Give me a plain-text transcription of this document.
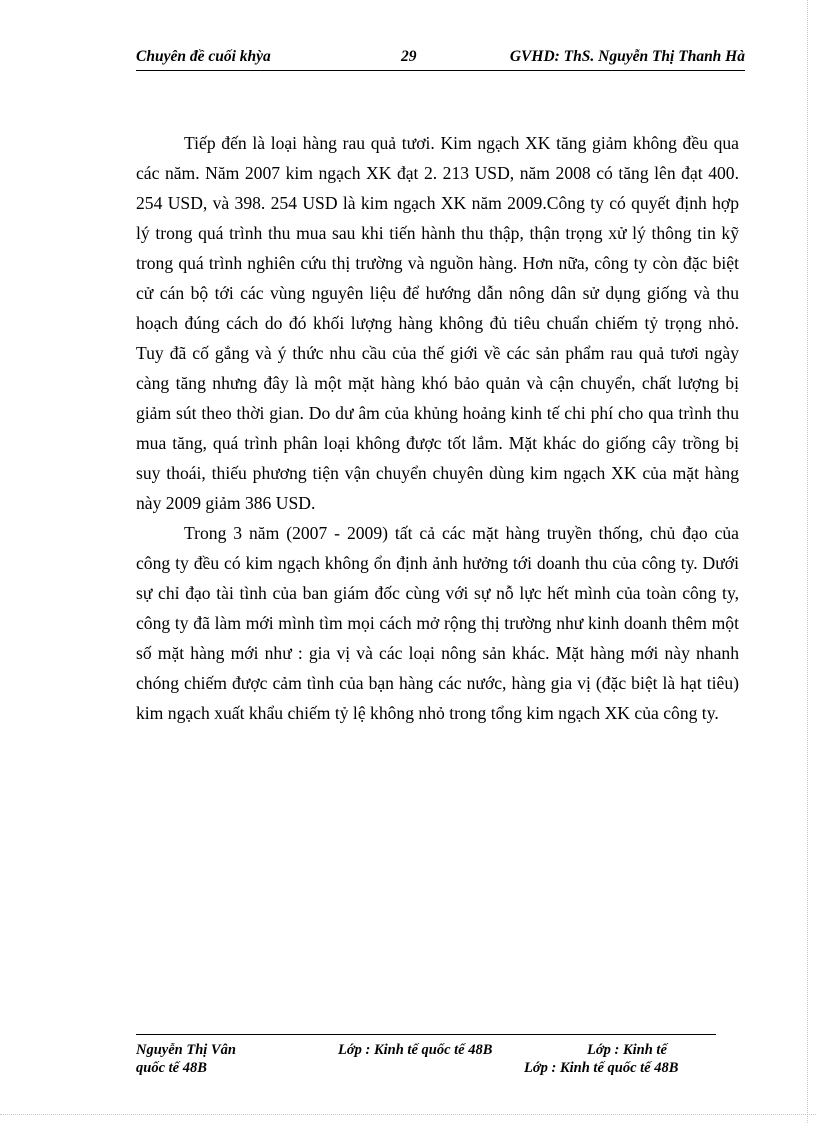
Chuyên đề cuối khỳa	29	GVHD: ThS. Nguyễn Thị Thanh Hà

Tiếp đến là loại hàng rau quả tươi. Kim ngạch XK tăng giảm không đều qua các năm. Năm 2007 kim ngạch XK đạt 2. 213 USD, năm 2008 có tăng lên đạt 400. 254 USD, và 398. 254 USD là kim ngạch XK năm 2009.Công ty có quyết định hợp lý trong quá trình thu mua sau khi tiến hành thu thập, thận trọng xử lý thông tin kỹ trong quá trình nghiên cứu thị trường và nguồn hàng. Hơn nữa, công ty còn đặc biệt cử cán bộ tới các vùng nguyên liệu để hướng dẫn nông dân sử dụng giống và thu hoạch đúng cách do đó khối lượng hàng không đủ tiêu chuẩn chiếm tỷ trọng nhỏ. Tuy đã cố gắng và ý thức nhu cầu của thế giới về các sản phẩm rau quả tươi ngày càng tăng nhưng đây là một mặt hàng khó bảo quản và cận chuyển, chất lượng bị giảm sút theo thời gian. Do dư âm của khủng hoảng kinh tế chi phí cho qua trình thu mua tăng, quá trình phân loại không được tốt lắm. Mặt khác do giống cây trồng bị suy thoái, thiếu phương tiện vận chuyển chuyên dùng kim ngạch XK của mặt hàng này 2009 giảm 386 USD.

Trong 3 năm (2007 - 2009) tất cả các mặt hàng truyền thống, chủ đạo của công ty đều có kim ngạch không ổn định ảnh hưởng tới doanh thu của công ty. Dưới sự chỉ đạo tài tình của ban giám đốc cùng với sự nỗ lực hết mình của toàn công ty, công ty đã làm mới mình tìm mọi cách mở rộng thị trường như kinh doanh thêm một số mặt hàng mới như : gia vị và các loại nông sản khác. Mặt hàng mới này nhanh chóng chiếm được cảm tình của bạn hàng các nước, hàng gia vị (đặc biệt là hạt tiêu) kim ngạch xuất khẩu chiếm tỷ lệ không nhỏ trong tổng kim ngạch XK của công ty.

Nguyễn Thị Vân	Lớp : Kinh tế quốc tế 48B	Lớp : Kinh tế
quốc tế 48B	Lớp : Kinh tế quốc tế 48B
